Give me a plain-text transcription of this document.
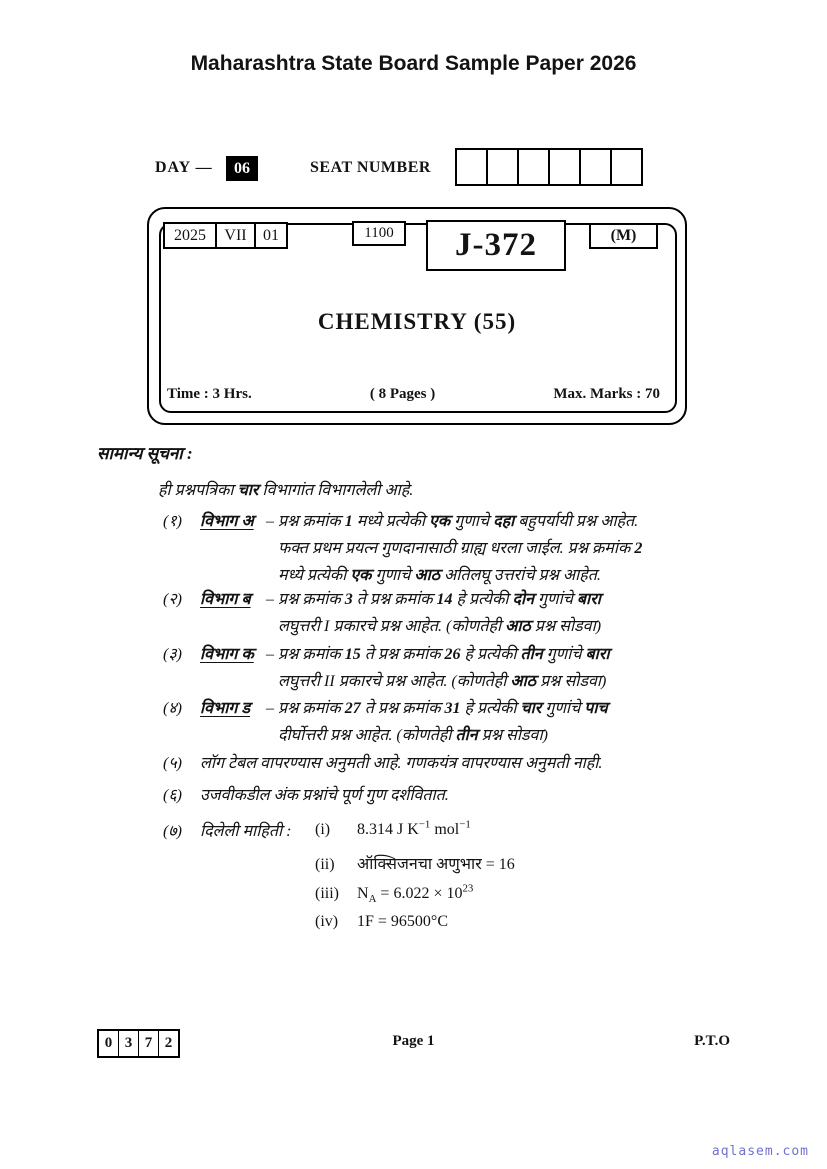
Maharashtra State Board Sample Paper 2026
DAY —	06	SEAT NUMBER
2025	VII	01	1100	J-372	(M)
CHEMISTRY (55)
Time : 3 Hrs.	( 8 Pages )	Max. Marks : 70
सामान्य सूचना :
ही प्रश्नपत्रिका चार विभागांत विभागलेली आहे.
(१) विभाग अ – प्रश्न क्रमांक 1 मध्ये प्रत्येकी एक गुणाचे दहा बहुपर्यायी प्रश्न आहेत.
फक्त प्रथम प्रयत्न गुणदानासाठी ग्राह्य धरला जाईल. प्रश्न क्रमांक 2
मध्ये प्रत्येकी एक गुणाचे आठ अतिलघू उत्तरांचे प्रश्न आहेत.
(२) विभाग ब – प्रश्न क्रमांक 3 ते प्रश्न क्रमांक 14 हे प्रत्येकी दोन गुणांचे बारा
लघुत्तरी I प्रकारचे प्रश्न आहेत. (कोणतेही आठ प्रश्न सोडवा)
(३) विभाग क – प्रश्न क्रमांक 15 ते प्रश्न क्रमांक 26 हे प्रत्येकी तीन गुणांचे बारा
लघुत्तरी II प्रकारचे प्रश्न आहेत. (कोणतेही आठ प्रश्न सोडवा)
(४) विभाग ड – प्रश्न क्रमांक 27 ते प्रश्न क्रमांक 31 हे प्रत्येकी चार गुणांचे पाच
दीर्घोत्तरी प्रश्न आहेत. (कोणतेही तीन प्रश्न सोडवा)
(५) लॉग टेबल वापरण्यास अनुमती आहे. गणकयंत्र वापरण्यास अनुमती नाही.
(६) उजवीकडील अंक प्रश्नांचे पूर्ण गुण दर्शवितात.
(७) दिलेली माहिती : (i) 8.314 J $K^{-1}$ mol$^{-1}$
(ii) ऑक्सिजनचा अणुभार = 16
(iii) $N_A = 6.022 \times 10^{23}$
(iv) 1F = 96500°C
0 3 7 2	Page 1	P.T.O
aqlasem.com
